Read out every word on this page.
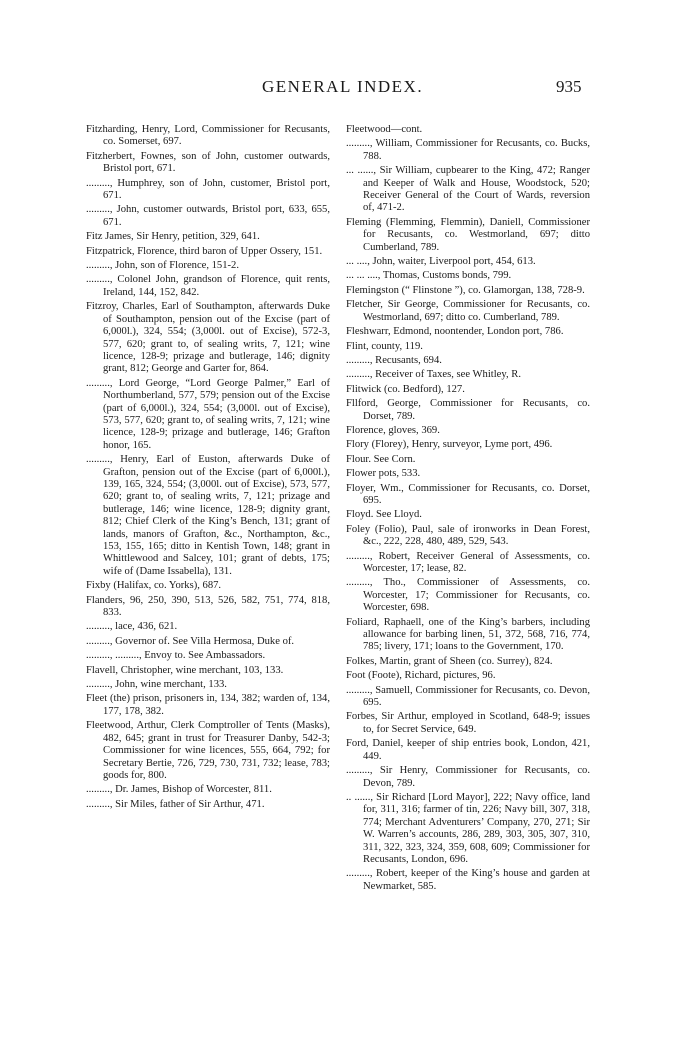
GENERAL INDEX.	935

Fitzharding, Henry, Lord, Commissioner for Recusants, co. Somerset, 697.

Fitzherbert, Fownes, son of John, customer outwards, Bristol port, 671.

........., Humphrey, son of John, customer, Bristol port, 671.

........., John, customer outwards, Bristol port, 633, 655, 671.

Fitz James, Sir Henry, petition, 329, 641.

Fitzpatrick, Florence, third baron of Upper Ossery, 151.

........., John, son of Florence, 151-2.

........., Colonel John, grandson of Florence, quit rents, Ireland, 144, 152, 842.

Fitzroy, Charles, Earl of Southampton, afterwards Duke of Southampton, pension out of the Excise (part of 6,000l.), 324, 554; (3,000l. out of Excise), 572-3, 577, 620; grant to, of sealing writs, 7, 121; wine licence, 128-9; prizage and butlerage, 146; dignity grant, 812; George and Garter for, 864.

........., Lord George, “Lord George Palmer,” Earl of Northumberland, 577, 579; pension out of the Excise (part of 6,000l.), 324, 554; (3,000l. out of Excise), 573, 577, 620; grant to, of sealing writs, 7, 121; wine licence, 128-9; prizage and butlerage, 146; Grafton honor, 165.

........., Henry, Earl of Euston, afterwards Duke of Grafton, pension out of the Excise (part of 6,000l.), 139, 165, 324, 554; (3,000l. out of Excise), 573, 577, 620; grant to, of sealing writs, 7, 121; prizage and butlerage, 146; wine licence, 128-9; dignity grant, 812; Chief Clerk of the King’s Bench, 131; grant of lands, manors of Grafton, &c., Northampton, &c., 153, 155, 165; ditto in Kentish Town, 148; grant in Whittlewood and Salcey, 101; grant of debts, 175; wife of (Dame Issabella), 131.

Fixby (Halifax, co. Yorks), 687.

Flanders, 96, 250, 390, 513, 526, 582, 751, 774, 818, 833.

........., lace, 436, 621.

........., Governor of. See Villa Hermosa, Duke of.

........., ........., Envoy to. See Ambassadors.

Flavell, Christopher, wine merchant, 103, 133.

........., John, wine merchant, 133.

Fleet (the) prison, prisoners in, 134, 382; warden of, 134, 177, 178, 382.

Fleetwood, Arthur, Clerk Comptroller of Tents (Masks), 482, 645; grant in trust for Treasurer Danby, 542-3; Commissioner for wine licences, 555, 664, 792; for Secretary Bertie, 726, 729, 730, 731, 732; lease, 783; goods for, 800.

........., Dr. James, Bishop of Worcester, 811.

........., Sir Miles, father of Sir Arthur, 471.

Fleetwood—cont.

........., William, Commissioner for Recusants, co. Bucks, 788.

... ......, Sir William, cupbearer to the King, 472; Ranger and Keeper of Walk and House, Woodstock, 520; Receiver General of the Court of Wards, reversion of, 471-2.

Fleming (Flemming, Flemmin), Daniell, Commissioner for Recusants, co. Westmorland, 697; ditto Cumberland, 789.

... ...., John, waiter, Liverpool port, 454, 613.

... ... ...., Thomas, Customs bonds, 799.

Flemingston (“ Flinstone ”), co. Glamorgan, 138, 728-9.

Fletcher, Sir George, Commissioner for Recusants, co. Westmorland, 697; ditto co. Cumberland, 789.

Fleshwarr, Edmond, noontender, London port, 786.

Flint, county, 119.

........., Recusants, 694.

........., Receiver of Taxes, see Whitley, R.

Flitwick (co. Bedford), 127.

Fllford, George, Commissioner for Recusants, co. Dorset, 789.

Florence, gloves, 369.

Flory (Florey), Henry, surveyor, Lyme port, 496.

Flour. See Corn.

Flower pots, 533.

Floyer, Wm., Commissioner for Recusants, co. Dorset, 695.

Floyd. See Lloyd.

Foley (Folio), Paul, sale of ironworks in Dean Forest, &c., 222, 228, 480, 489, 529, 543.

........., Robert, Receiver General of Assessments, co. Worcester, 17; lease, 82.

........., Tho., Commissioner of Assessments, co. Worcester, 17; Commissioner for Recusants, co. Worcester, 698.

Foliard, Raphaell, one of the King’s barbers, including allowance for barbing linen, 51, 372, 568, 716, 774, 785; livery, 171; loans to the Government, 170.

Folkes, Martin, grant of Sheen (co. Surrey), 824.

Foot (Foote), Richard, pictures, 96.

........., Samuell, Commissioner for Recusants, co. Devon, 695.

Forbes, Sir Arthur, employed in Scotland, 648-9; issues to, for Secret Service, 649.

Ford, Daniel, keeper of ship entries book, London, 421, 449.

........., Sir Henry, Commissioner for Recusants, co. Devon, 789.

.. ......, Sir Richard [Lord Mayor], 222; Navy office, land for, 311, 316; farmer of tin, 226; Navy bill, 307, 318, 774; Merchant Adventurers’ Company, 270, 271; Sir W. Warren’s accounts, 286, 289, 303, 305, 307, 310, 311, 322, 323, 324, 359, 608, 609; Commissioner for Recusants, London, 696.

........., Robert, keeper of the King’s house and garden at Newmarket, 585.
